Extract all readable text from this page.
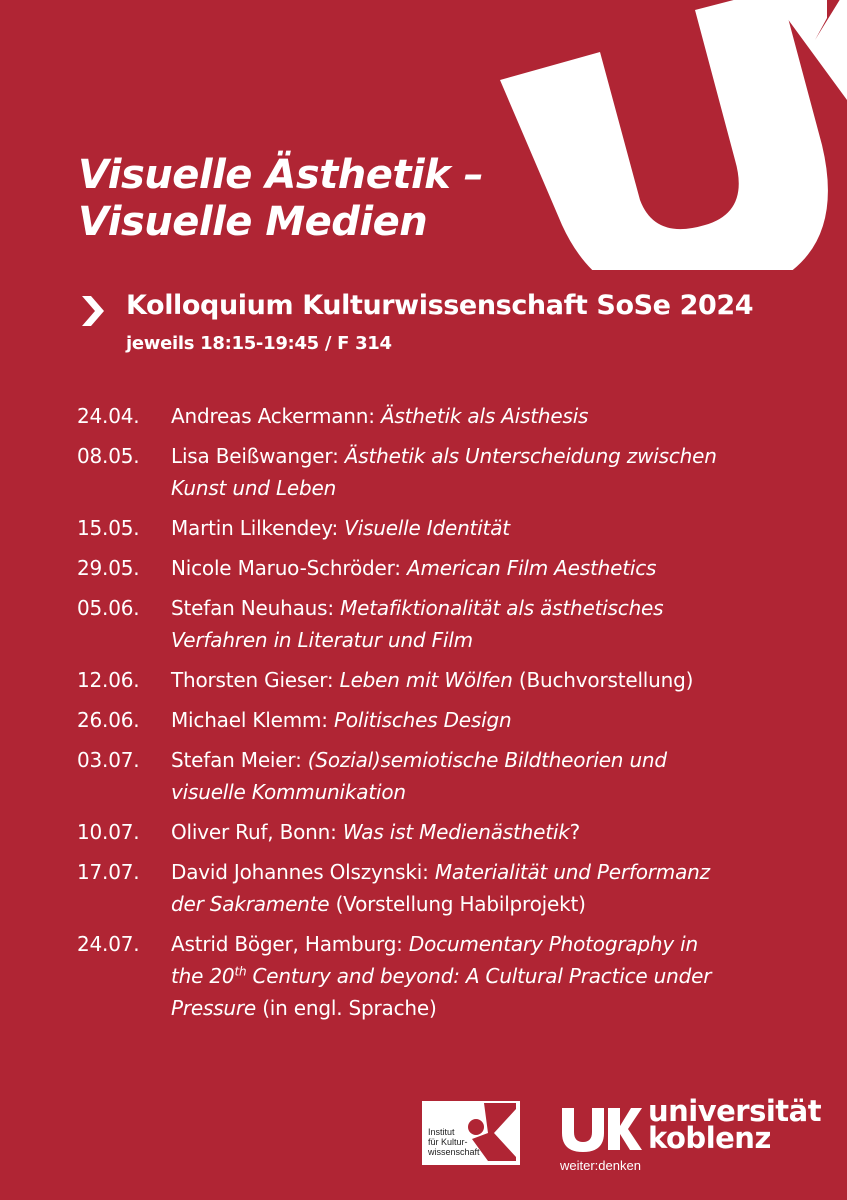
Visuelle Ästhetik –
Visuelle Medien
Kolloquium Kulturwissenschaft SoSe 2024
jeweils 18:15-19:45 / F 314
24.04.	Andreas Ackermann: Ästhetik als Aisthesis
08.05.	Lisa Beißwanger: Ästhetik als Unterscheidung zwischen
Kunst und Leben
15.05.	Martin Lilkendey: Visuelle Identität
29.05.	Nicole Maruo-Schröder: American Film Aesthetics
05.06.	Stefan Neuhaus: Metafiktionalität als ästhetisches
Verfahren in Literatur und Film
12.06.	Thorsten Gieser: Leben mit Wölfen (Buchvorstellung)
26.06.	Michael Klemm: Politisches Design
03.07.	Stefan Meier: (Sozial)semiotische Bildtheorien und
visuelle Kommunikation
10.07.	Oliver Ruf, Bonn: Was ist Medienästhetik?
17.07.	David Johannes Olszynski: Materialität und Performanz
der Sakramente (Vorstellung Habilprojekt)
24.07.	Astrid Böger, Hamburg: Documentary Photography in
the 20th Century and beyond: A Cultural Practice under
Pressure (in engl. Sprache)
Institut
für Kultur-
wissenschaft
universität
koblenz
weiter:denken
